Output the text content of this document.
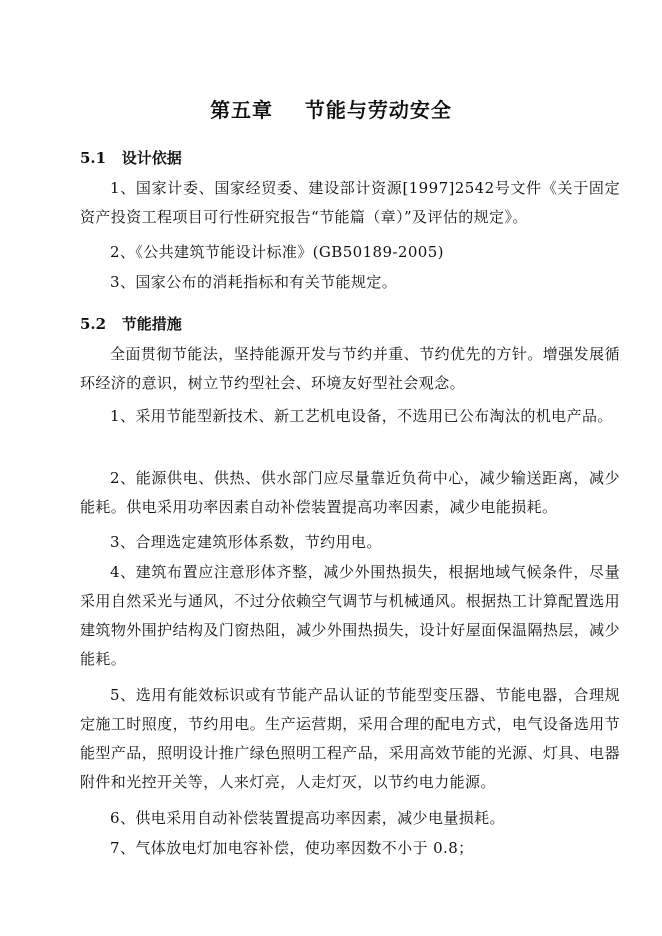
第五章    节能与劳动安全
5.1   设计依据
1、国家计委、国家经贸委、建设部计资源[1997]2542号文件《关于固定资产投资工程项目可行性研究报告“节能篇（章）”及评估的规定》。
2、《公共建筑节能设计标准》(GB50189-2005)
3、国家公布的消耗指标和有关节能规定。
5.2   节能措施
全面贯彻节能法，坚持能源开发与节约并重、节约优先的方针。增强发展循环经济的意识，树立节约型社会、环境友好型社会观念。
1、采用节能型新技术、新工艺机电设备，不选用已公布淘汰的机电产品。
2、能源供电、供热、供水部门应尽量靠近负荷中心，减少输送距离，减少能耗。供电采用功率因素自动补偿装置提高功率因素，减少电能损耗。
3、合理选定建筑形体系数，节约用电。
4、建筑布置应注意形体齐整，减少外围热损失，根据地域气候条件，尽量采用自然采光与通风，不过分依赖空气调节与机械通风。根据热工计算配置选用建筑物外围护结构及门窗热阻，减少外围热损失，设计好屋面保温隔热层，减少能耗。
5、选用有能效标识或有节能产品认证的节能型变压器、节能电器，合理规定施工时照度，节约用电。生产运营期，采用合理的配电方式，电气设备选用节能型产品，照明设计推广绿色照明工程产品，采用高效节能的光源、灯具、电器附件和光控开关等，人来灯亮，人走灯灭，以节约电力能源。
6、供电采用自动补偿装置提高功率因素，减少电量损耗。
7、气体放电灯加电容补偿，使功率因数不小于 0.8；
